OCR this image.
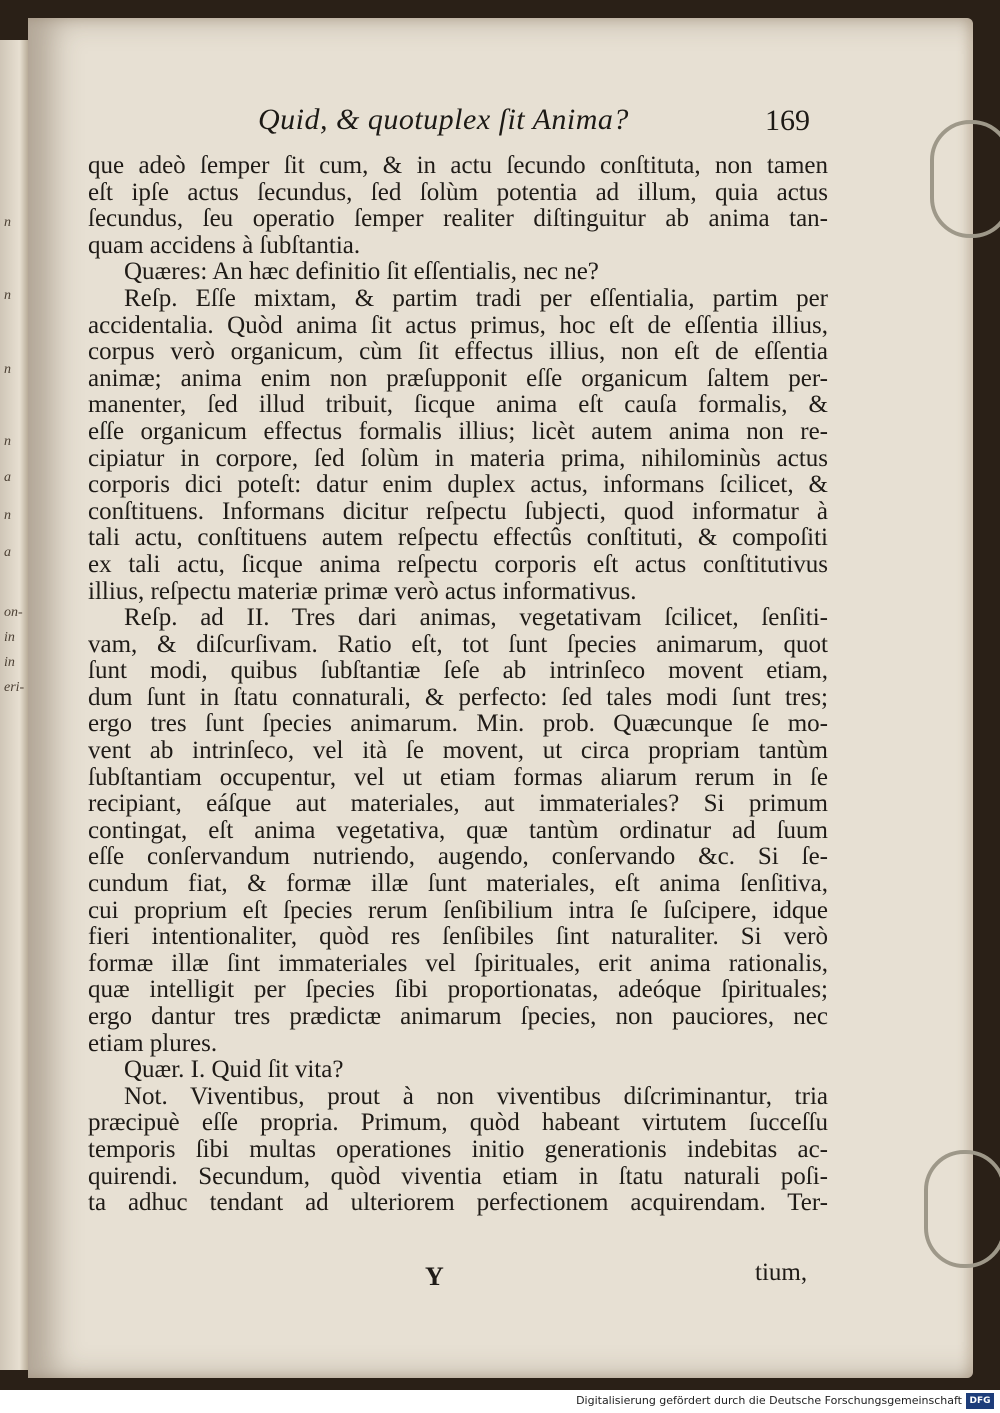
n
n
n
n
a
n
a
on-
in
in
eri-
Quid, & quotuplex ſit Anima?	169
que adeò ſemper ſit cum, & in actu ſecundo conſtituta, non tamen
eſt ipſe actus ſecundus, ſed ſolùm potentia ad illum, quia actus
ſecundus, ſeu operatio ſemper realiter diſtinguitur ab anima tan-
quam accidens à ſubſtantia.
Quæres: An hæc definitio ſit eſſentialis, nec ne?
Reſp. Eſſe mixtam, & partim tradi per eſſentialia, partim per
accidentalia. Quòd anima ſit actus primus, hoc eſt de eſſentia illius,
corpus verò organicum, cùm ſit effectus illius, non eſt de eſſentia
animæ; anima enim non præſupponit eſſe organicum ſaltem per-
manenter, ſed illud tribuit, ſicque anima eſt cauſa formalis, &
eſſe organicum effectus formalis illius; licèt autem anima non re-
cipiatur in corpore, ſed ſolùm in materia prima, nihilominùs actus
corporis dici poteſt: datur enim duplex actus, informans ſcilicet, &
conſtituens. Informans dicitur reſpectu ſubjecti, quod informatur à
tali actu, conſtituens autem reſpectu effectûs conſtituti, & compoſiti
ex tali actu, ſicque anima reſpectu corporis eſt actus conſtitutivus
illius, reſpectu materiæ primæ verò actus informativus.
Reſp. ad II. Tres dari animas, vegetativam ſcilicet, ſenſiti-
vam, & diſcurſivam. Ratio eſt, tot ſunt ſpecies animarum, quot
ſunt modi, quibus ſubſtantiæ ſeſe ab intrinſeco movent etiam,
dum ſunt in ſtatu connaturali, & perfecto: ſed tales modi ſunt tres;
ergo tres ſunt ſpecies animarum. Min. prob. Quæcunque ſe mo-
vent ab intrinſeco, vel ità ſe movent, ut circa propriam tantùm
ſubſtantiam occupentur, vel ut etiam formas aliarum rerum in ſe
recipiant, eáſque aut materiales, aut immateriales? Si primum
contingat, eſt anima vegetativa, quæ tantùm ordinatur ad ſuum
eſſe conſervandum nutriendo, augendo, conſervando &c. Si ſe-
cundum fiat, & formæ illæ ſunt materiales, eſt anima ſenſitiva,
cui proprium eſt ſpecies rerum ſenſibilium intra ſe ſuſcipere, idque
fieri intentionaliter, quòd res ſenſibiles ſint naturaliter. Si verò
formæ illæ ſint immateriales vel ſpirituales, erit anima rationalis,
quæ intelligit per ſpecies ſibi proportionatas, adeóque ſpirituales;
ergo dantur tres prædictæ animarum ſpecies, non pauciores, nec
etiam plures.
Quær. I. Quid ſit vita?
Not. Viventibus, prout à non viventibus diſcriminantur, tria
præcipuè eſſe propria. Primum, quòd habeant virtutem ſucceſſu
temporis ſibi multas operationes initio generationis indebitas ac-
quirendi. Secundum, quòd viventia etiam in ſtatu naturali poſi-
ta adhuc tendant ad ulteriorem perfectionem acquirendam. Ter-
Y	tium,
Digitalisierung gefördert durch die Deutsche Forschungsgemeinschaft DFG
